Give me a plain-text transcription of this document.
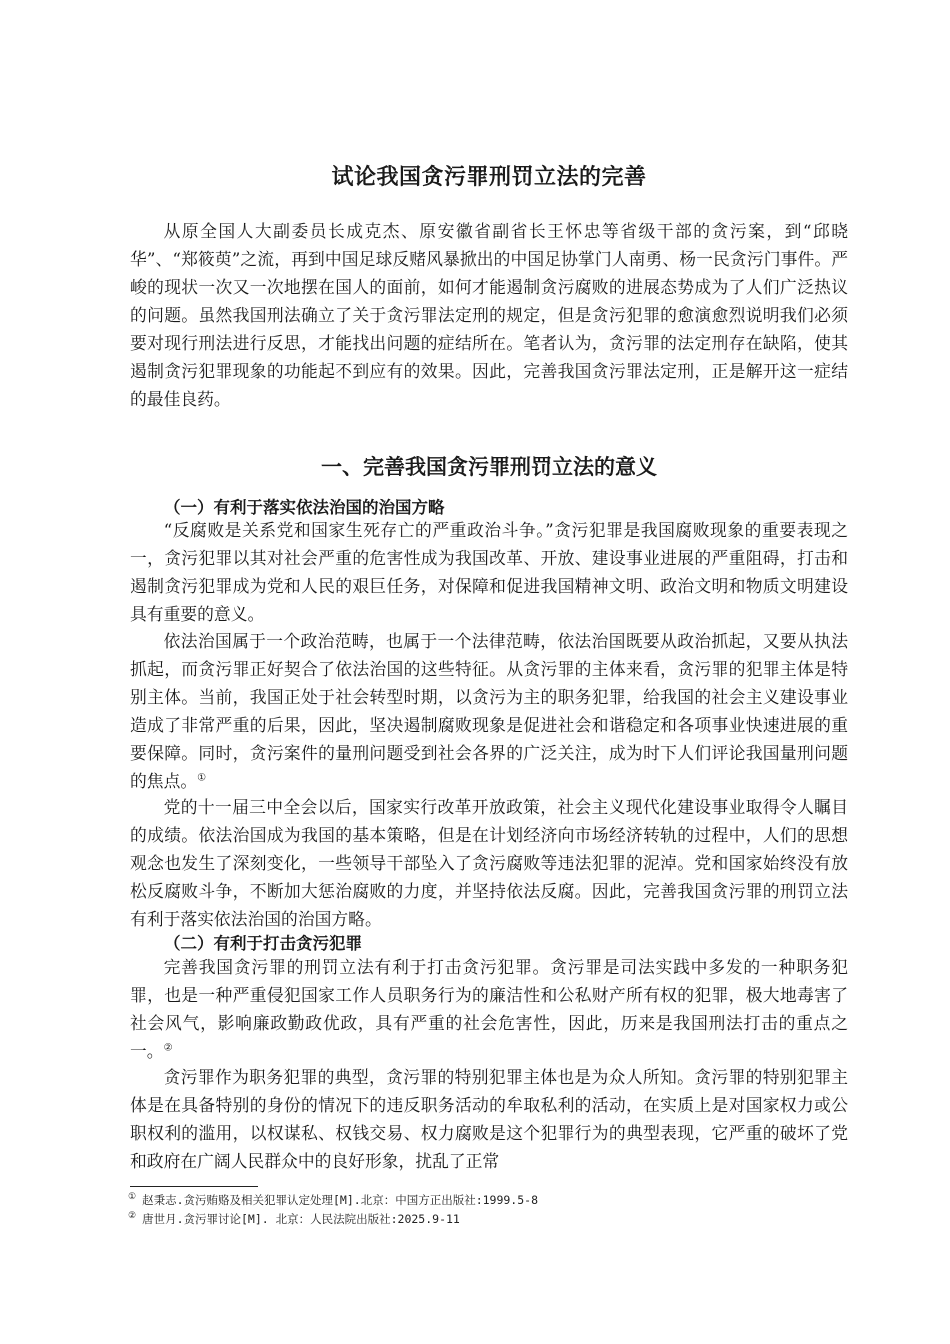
试论我国贪污罪刑罚立法的完善

从原全国人大副委员长成克杰、原安徽省副省长王怀忠等省级干部的贪污案，到“邱晓华”、“郑筱萸”之流，再到中国足球反赌风暴掀出的中国足协掌门人南勇、杨一民贪污门事件。严峻的现状一次又一次地摆在国人的面前，如何才能遏制贪污腐败的进展态势成为了人们广泛热议的问题。虽然我国刑法确立了关于贪污罪法定刑的规定，但是贪污犯罪的愈演愈烈说明我们必须要对现行刑法进行反思，才能找出问题的症结所在。笔者认为，贪污罪的法定刑存在缺陷，使其遏制贪污犯罪现象的功能起不到应有的效果。因此，完善我国贪污罪法定刑，正是解开这一症结的最佳良药。

一、完善我国贪污罪刑罚立法的意义
（一）有利于落实依法治国的治国方略

“反腐败是关系党和国家生死存亡的严重政治斗争。”贪污犯罪是我国腐败现象的重要表现之一，贪污犯罪以其对社会严重的危害性成为我国改革、开放、建设事业进展的严重阻碍，打击和遏制贪污犯罪成为党和人民的艰巨任务，对保障和促进我国精神文明、政治文明和物质文明建设具有重要的意义。

依法治国属于一个政治范畴，也属于一个法律范畴，依法治国既要从政治抓起，又要从执法抓起，而贪污罪正好契合了依法治国的这些特征。从贪污罪的主体来看，贪污罪的犯罪主体是特别主体。当前，我国正处于社会转型时期，以贪污为主的职务犯罪，给我国的社会主义建设事业造成了非常严重的后果，因此，坚决遏制腐败现象是促进社会和谐稳定和各项事业快速进展的重要保障。同时，贪污案件的量刑问题受到社会各界的广泛关注，成为时下人们评论我国量刑问题的焦点。①

党的十一届三中全会以后，国家实行改革开放政策，社会主义现代化建设事业取得令人瞩目的成绩。依法治国成为我国的基本策略，但是在计划经济向市场经济转轨的过程中，人们的思想观念也发生了深刻变化，一些领导干部坠入了贪污腐败等违法犯罪的泥淖。党和国家始终没有放松反腐败斗争，不断加大惩治腐败的力度，并坚持依法反腐。因此，完善我国贪污罪的刑罚立法有利于落实依法治国的治国方略。

（二）有利于打击贪污犯罪

完善我国贪污罪的刑罚立法有利于打击贪污犯罪。贪污罪是司法实践中多发的一种职务犯罪，也是一种严重侵犯国家工作人员职务行为的廉洁性和公私财产所有权的犯罪，极大地毒害了社会风气，影响廉政勤政优政，具有严重的社会危害性，因此，历来是我国刑法打击的重点之一。②

贪污罪作为职务犯罪的典型，贪污罪的特别犯罪主体也是为众人所知。贪污罪的特别犯罪主体是在具备特别的身份的情况下的违反职务活动的牟取私利的活动，在实质上是对国家权力或公职权利的滥用，以权谋私、权钱交易、权力腐败是这个犯罪行为的典型表现，它严重的破坏了党和政府在广阔人民群众中的良好形象，扰乱了正常

① 赵秉志.贪污贿赂及相关犯罪认定处理[M].北京：中国方正出版社:1999.5-8
② 唐世月.贪污罪讨论[M]. 北京：人民法院出版社:2025.9-11
